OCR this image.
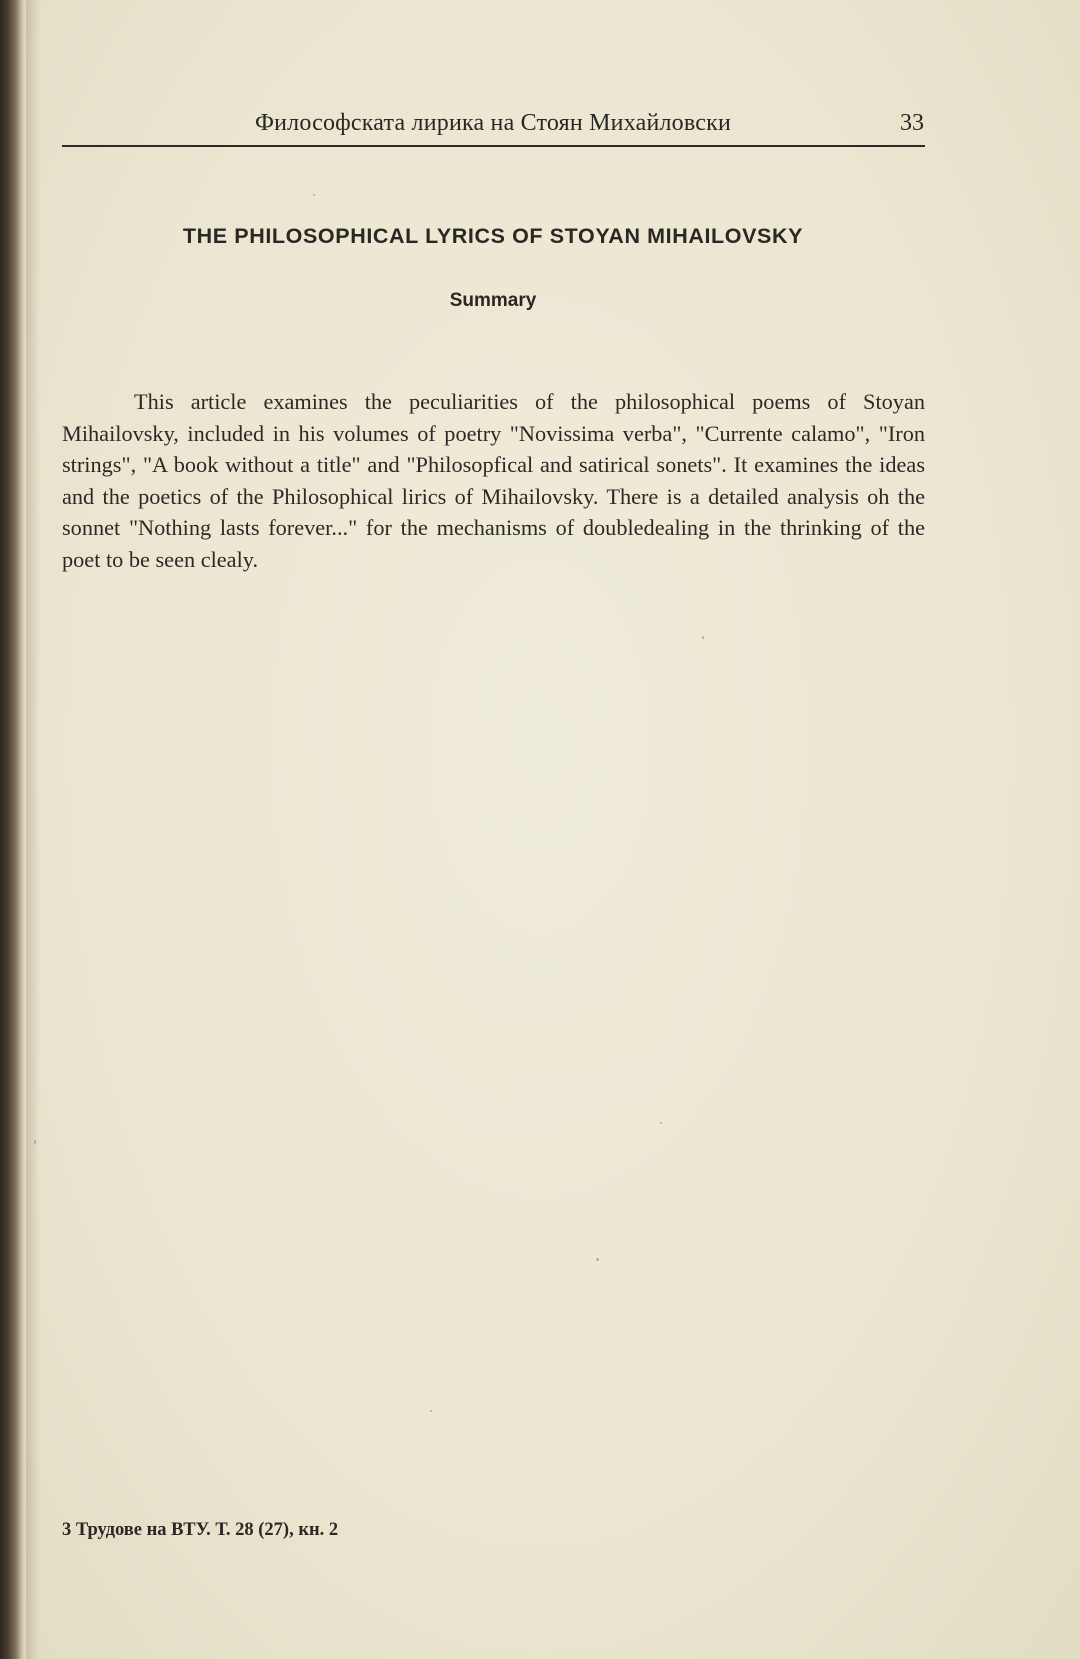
Философската лирика на Стоян Михайловски	33
THE PHILOSOPHICAL LYRICS OF STOYAN MIHAILOVSKY
Summary

This article examines the peculiarities of the philosophical poems of Stoyan Mihailovsky, included in his volumes of poetry "Novissima verba", "Currente calamo", "Iron strings", "A book without a title" and "Philosopfical and satirical sonets". It examines the ideas and the poetics of the Philosophical lirics of Mihailovsky. There is a detailed analysis oh the sonnet "Nothing lasts forever..." for the mechanisms of doubledealing in the thrinking of the poet to be seen clealy.

3 Трудове на ВТУ. Т. 28 (27), кн. 2
